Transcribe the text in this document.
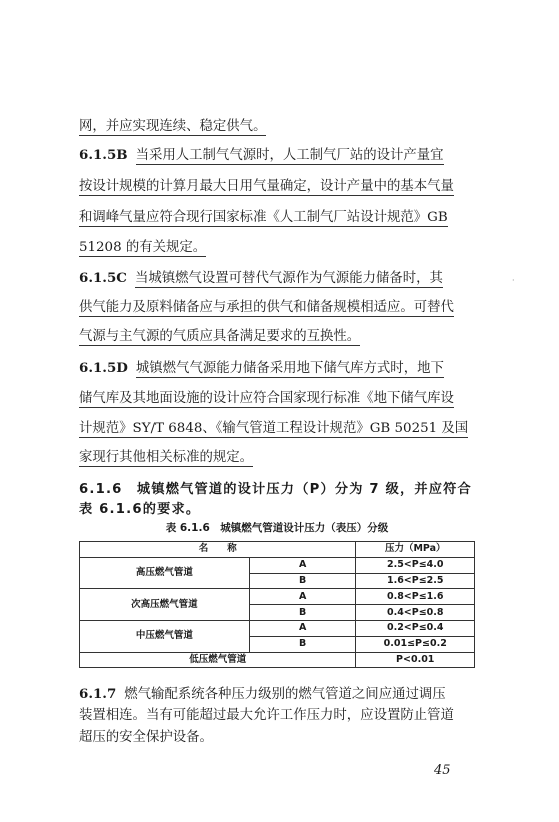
网，并应实现连续、稳定供气。
6.1.5B 当采用人工制气气源时，人工制气厂站的设计产量宜
按设计规模的计算月最大日用气量确定，设计产量中的基本气量
和调峰气量应符合现行国家标准《人工制气厂站设计规范》GB
51208 的有关规定。
6.1.5C 当城镇燃气设置可替代气源作为气源能力储备时，其
供气能力及原料储备应与承担的供气和储备规模相适应。可替代
气源与主气源的气质应具备满足要求的互换性。
6.1.5D 城镇燃气气源能力储备采用地下储气库方式时，地下
储气库及其地面设施的设计应符合国家现行标准《地下储气库设
计规范》SY/T 6848、《输气管道工程设计规范》GB 50251 及国
家现行其他相关标准的规定。
6.1.6　城镇燃气管道的设计压力（P）分为 7 级，并应符合
表 6.1.6的要求。
表 6.1.6　城镇燃气管道设计压力（表压）分级
名　　称		压力（MPa）
高压燃气管道	A	2.5<P≤4.0
	B	1.6<P≤2.5
次高压燃气管道	A	0.8<P≤1.6
	B	0.4<P≤0.8
中压燃气管道	A	0.2<P≤0.4
	B	0.01≤P≤0.2
低压燃气管道		P<0.01
6.1.7 燃气输配系统各种压力级别的燃气管道之间应通过调压
装置相连。当有可能超过最大允许工作压力时，应设置防止管道
超压的安全保护设备。
·
45
